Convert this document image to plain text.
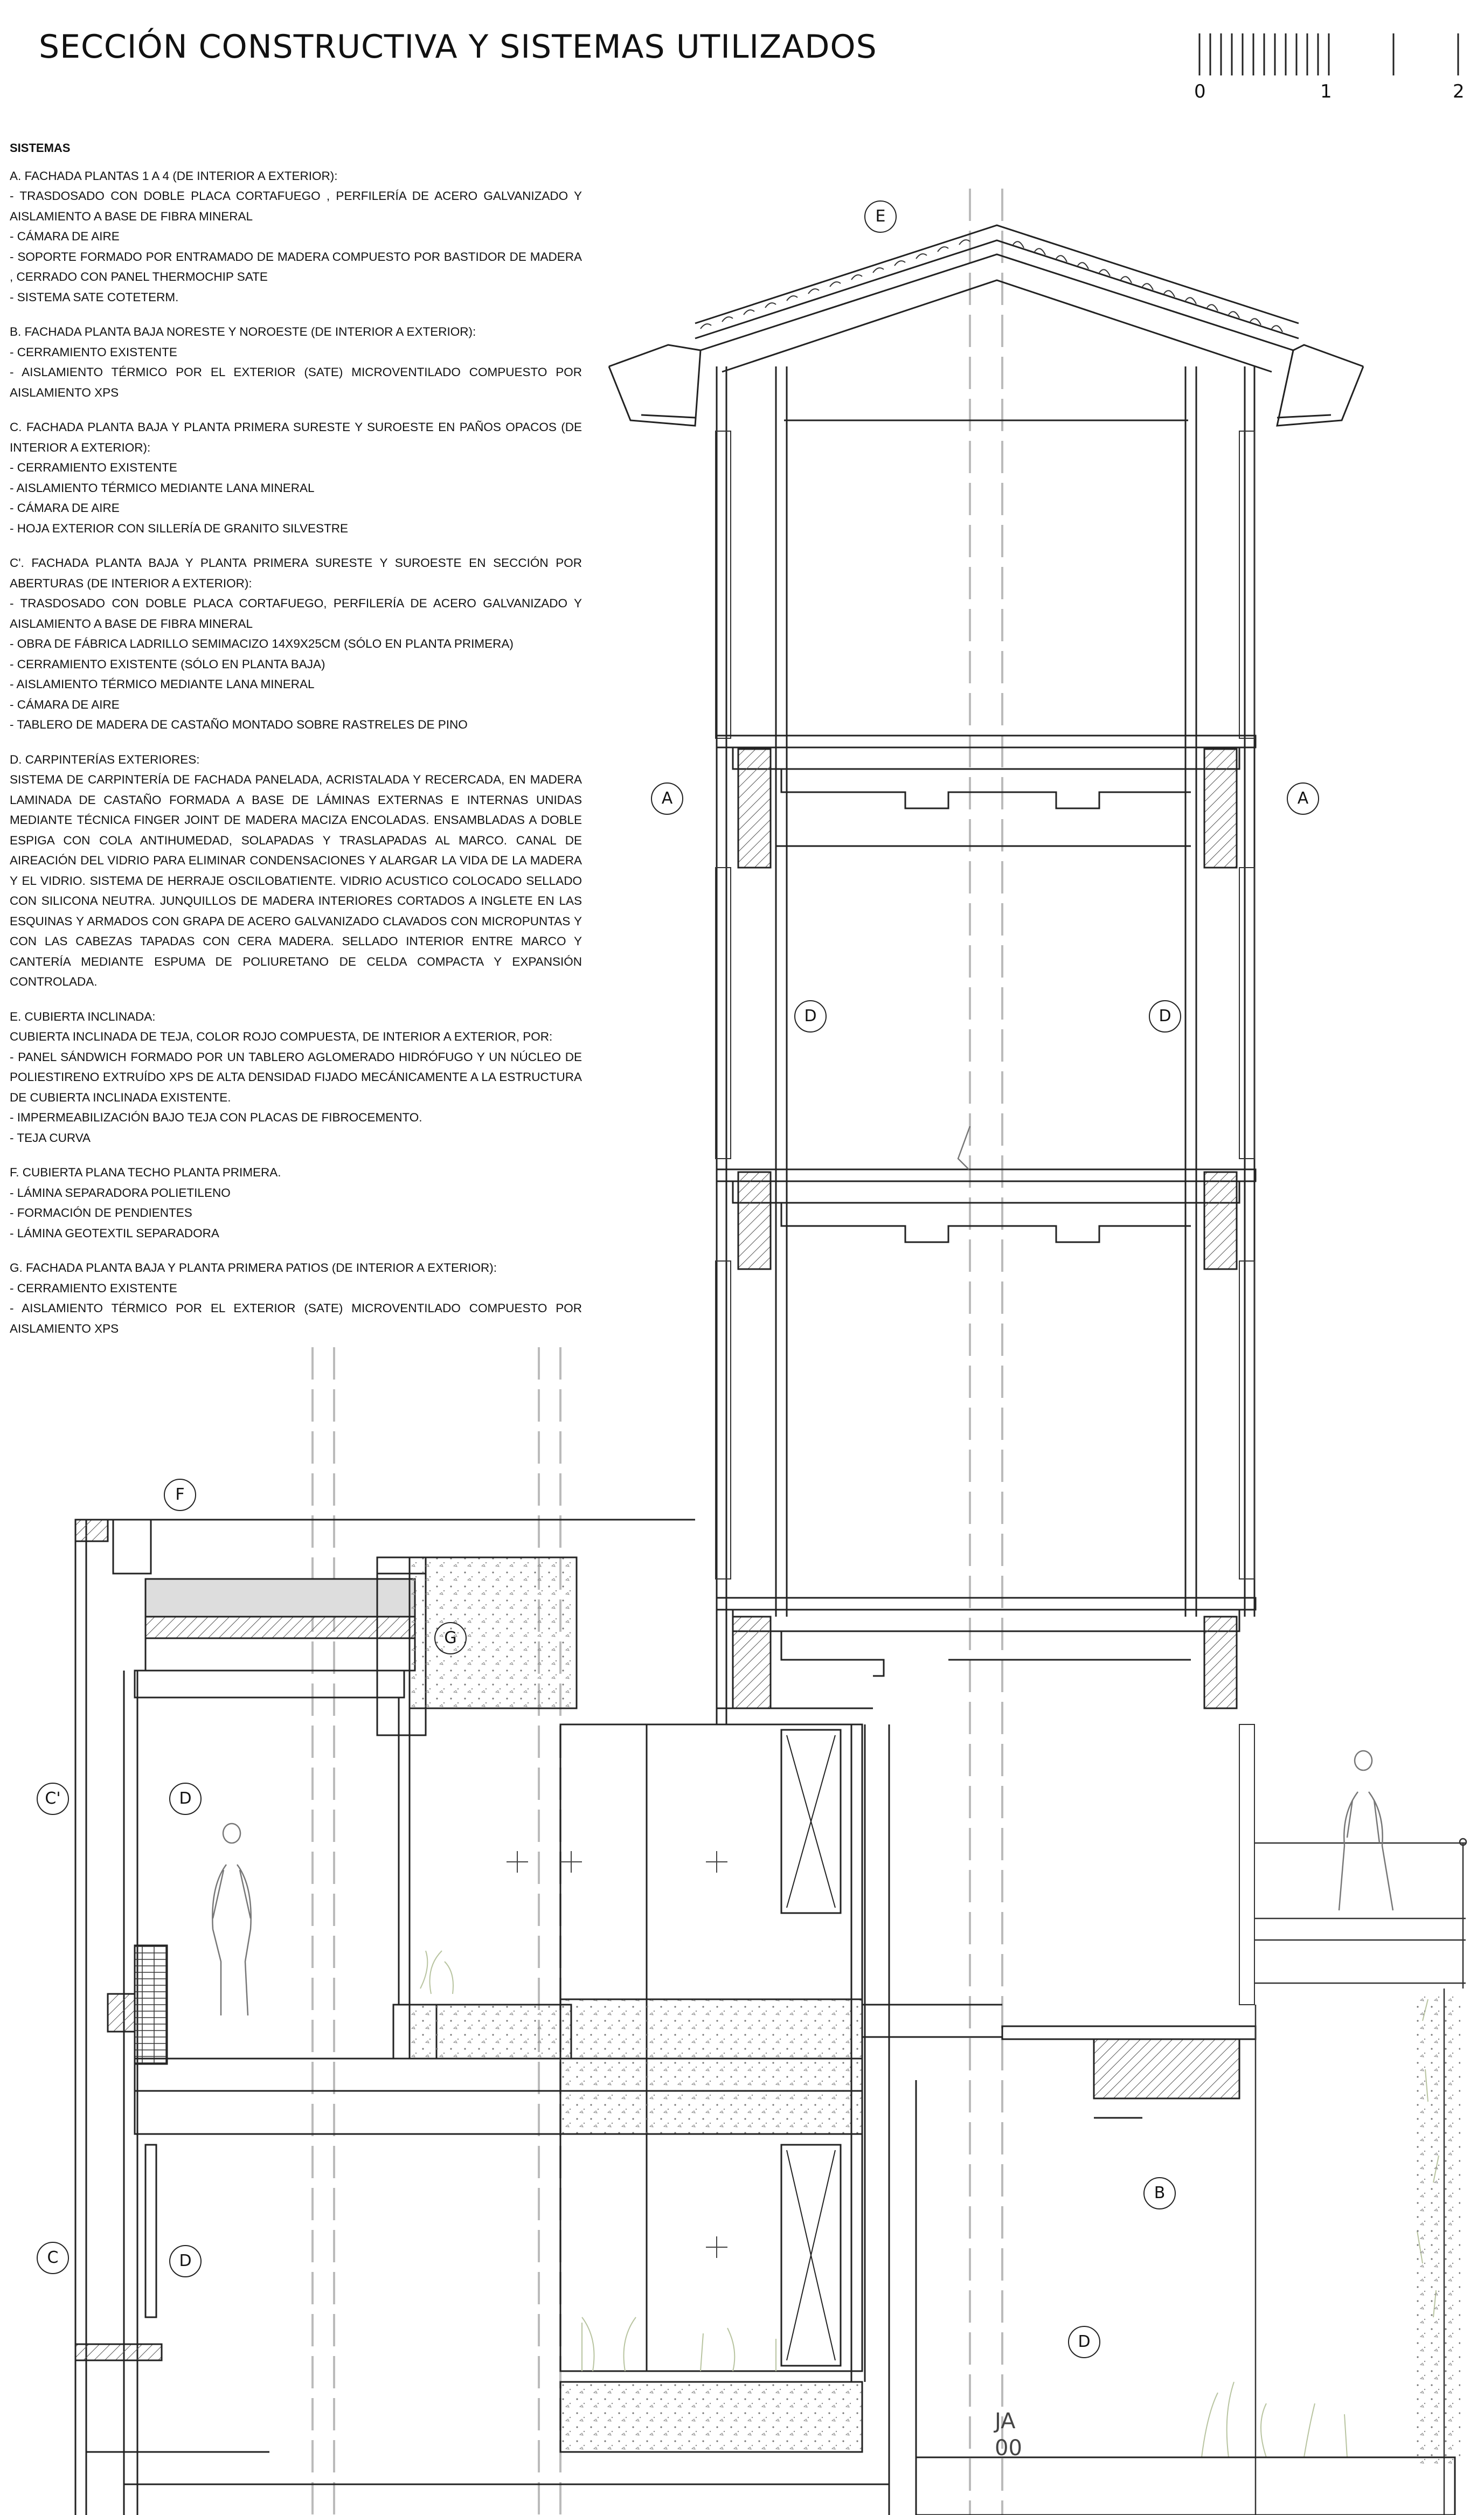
SECCIÓN CONSTRUCTIVA Y SISTEMAS UTILIZADOS
0	1	2
SISTEMAS
A. FACHADA PLANTAS 1 A 4 (DE INTERIOR A EXTERIOR):
- TRASDOSADO CON DOBLE PLACA CORTAFUEGO , PERFILERÍA DE ACERO GALVANIZADO Y AISLAMIENTO A BASE DE FIBRA MINERAL
- CÁMARA DE AIRE
- SOPORTE FORMADO POR ENTRAMADO DE MADERA COMPUESTO POR BASTIDOR DE MADERA , CERRADO CON PANEL THERMOCHIP SATE
- SISTEMA SATE COTETERM.
B. FACHADA PLANTA BAJA NORESTE Y NOROESTE (DE INTERIOR A EXTERIOR):
- CERRAMIENTO EXISTENTE
- AISLAMIENTO TÉRMICO POR EL EXTERIOR (SATE) MICROVENTILADO COMPUESTO POR AISLAMIENTO XPS
C. FACHADA PLANTA BAJA Y PLANTA PRIMERA SURESTE Y SUROESTE EN PAÑOS OPACOS (DE INTERIOR A EXTERIOR):
- CERRAMIENTO EXISTENTE
- AISLAMIENTO TÉRMICO MEDIANTE LANA MINERAL
- CÁMARA DE AIRE
- HOJA EXTERIOR CON SILLERÍA DE GRANITO SILVESTRE
C'. FACHADA PLANTA BAJA Y PLANTA PRIMERA SURESTE Y SUROESTE EN SECCIÓN POR ABERTURAS (DE INTERIOR A EXTERIOR):
- TRASDOSADO CON DOBLE PLACA CORTAFUEGO, PERFILERÍA DE ACERO GALVANIZADO Y AISLAMIENTO A BASE DE FIBRA MINERAL
- OBRA DE FÁBRICA LADRILLO SEMIMACIZO 14X9X25CM (SÓLO EN PLANTA PRIMERA)
- CERRAMIENTO EXISTENTE (SÓLO EN PLANTA BAJA)
- AISLAMIENTO TÉRMICO MEDIANTE LANA MINERAL
- CÁMARA DE AIRE
- TABLERO DE MADERA DE CASTAÑO MONTADO SOBRE RASTRELES DE PINO
D. CARPINTERÍAS EXTERIORES:
SISTEMA DE CARPINTERÍA DE FACHADA PANELADA, ACRISTALADA Y RECERCADA, EN MADERA LAMINADA DE CASTAÑO FORMADA A BASE DE LÁMINAS EXTERNAS E INTERNAS UNIDAS MEDIANTE TÉCNICA FINGER JOINT DE MADERA MACIZA ENCOLADAS. ENSAMBLADAS A DOBLE ESPIGA CON COLA ANTIHUMEDAD, SOLAPADAS Y TRASLAPADAS AL MARCO. CANAL DE AIREACIÓN DEL VIDRIO PARA ELIMINAR CONDENSACIONES Y ALARGAR LA VIDA DE LA MADERA Y EL VIDRIO. SISTEMA DE HERRAJE OSCILOBATIENTE. VIDRIO ACUSTICO COLOCADO SELLADO CON SILICONA NEUTRA. JUNQUILLOS DE MADERA INTERIORES CORTADOS A INGLETE EN LAS ESQUINAS Y ARMADOS CON GRAPA DE ACERO GALVANIZADO CLAVADOS CON MICROPUNTAS Y CON LAS CABEZAS TAPADAS CON CERA MADERA. SELLADO INTERIOR ENTRE MARCO Y CANTERÍA MEDIANTE ESPUMA DE POLIURETANO DE CELDA COMPACTA Y EXPANSIÓN CONTROLADA.
E. CUBIERTA INCLINADA:
CUBIERTA INCLINADA DE TEJA, COLOR ROJO COMPUESTA, DE INTERIOR A EXTERIOR, POR:
- PANEL SÁNDWICH FORMADO POR UN TABLERO AGLOMERADO HIDRÓFUGO Y UN NÚCLEO DE POLIESTIRENO EXTRUÍDO XPS DE ALTA DENSIDAD FIJADO MECÁNICAMENTE A LA ESTRUCTURA DE CUBIERTA INCLINADA EXISTENTE.
- IMPERMEABILIZACIÓN BAJO TEJA CON PLACAS DE FIBROCEMENTO.
- TEJA CURVA
F. CUBIERTA PLANA TECHO PLANTA PRIMERA.
- LÁMINA SEPARADORA POLIETILENO
- FORMACIÓN DE PENDIENTES
- LÁMINA GEOTEXTIL SEPARADORA
G. FACHADA PLANTA BAJA Y PLANTA PRIMERA PATIOS (DE INTERIOR A EXTERIOR):
- CERRAMIENTO EXISTENTE
- AISLAMIENTO TÉRMICO POR EL EXTERIOR (SATE) MICROVENTILADO COMPUESTO POR AISLAMIENTO XPS
E
A	A
D	D
F
G
C'	D
C	D
B
D
JA
00
